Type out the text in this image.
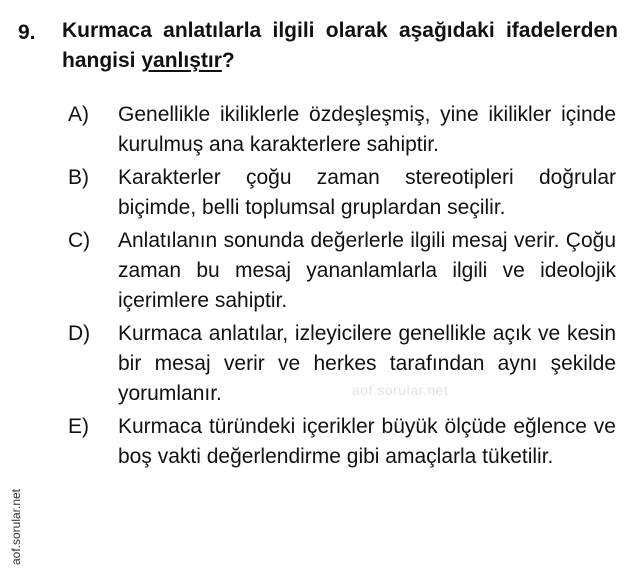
9. Kurmaca anlatılarla ilgili olarak aşağıdaki ifadelerden hangisi yanlıştır?
A) Genellikle ikiliklerle özdeşleşmiş, yine ikilikler içinde kurulmuş ana karakterlere sahiptir.
B) Karakterler çoğu zaman stereotipleri doğrular biçimde, belli toplumsal gruplardan seçilir.
C) Anlatılanın sonunda değerlerle ilgili mesaj verir. Çoğu zaman bu mesaj yananlamlarla ilgili ve ideolojik içerimlere sahiptir.
D) Kurmaca anlatılar, izleyicilere genellikle açık ve kesin bir mesaj verir ve herkes tarafından aynı şekilde yorumlanır.
E) Kurmaca türündeki içerikler büyük ölçüde eğlence ve boş vakti değerlendirme gibi amaçlarla tüketilir.
aof.sorular.net
aof.sorular.net
